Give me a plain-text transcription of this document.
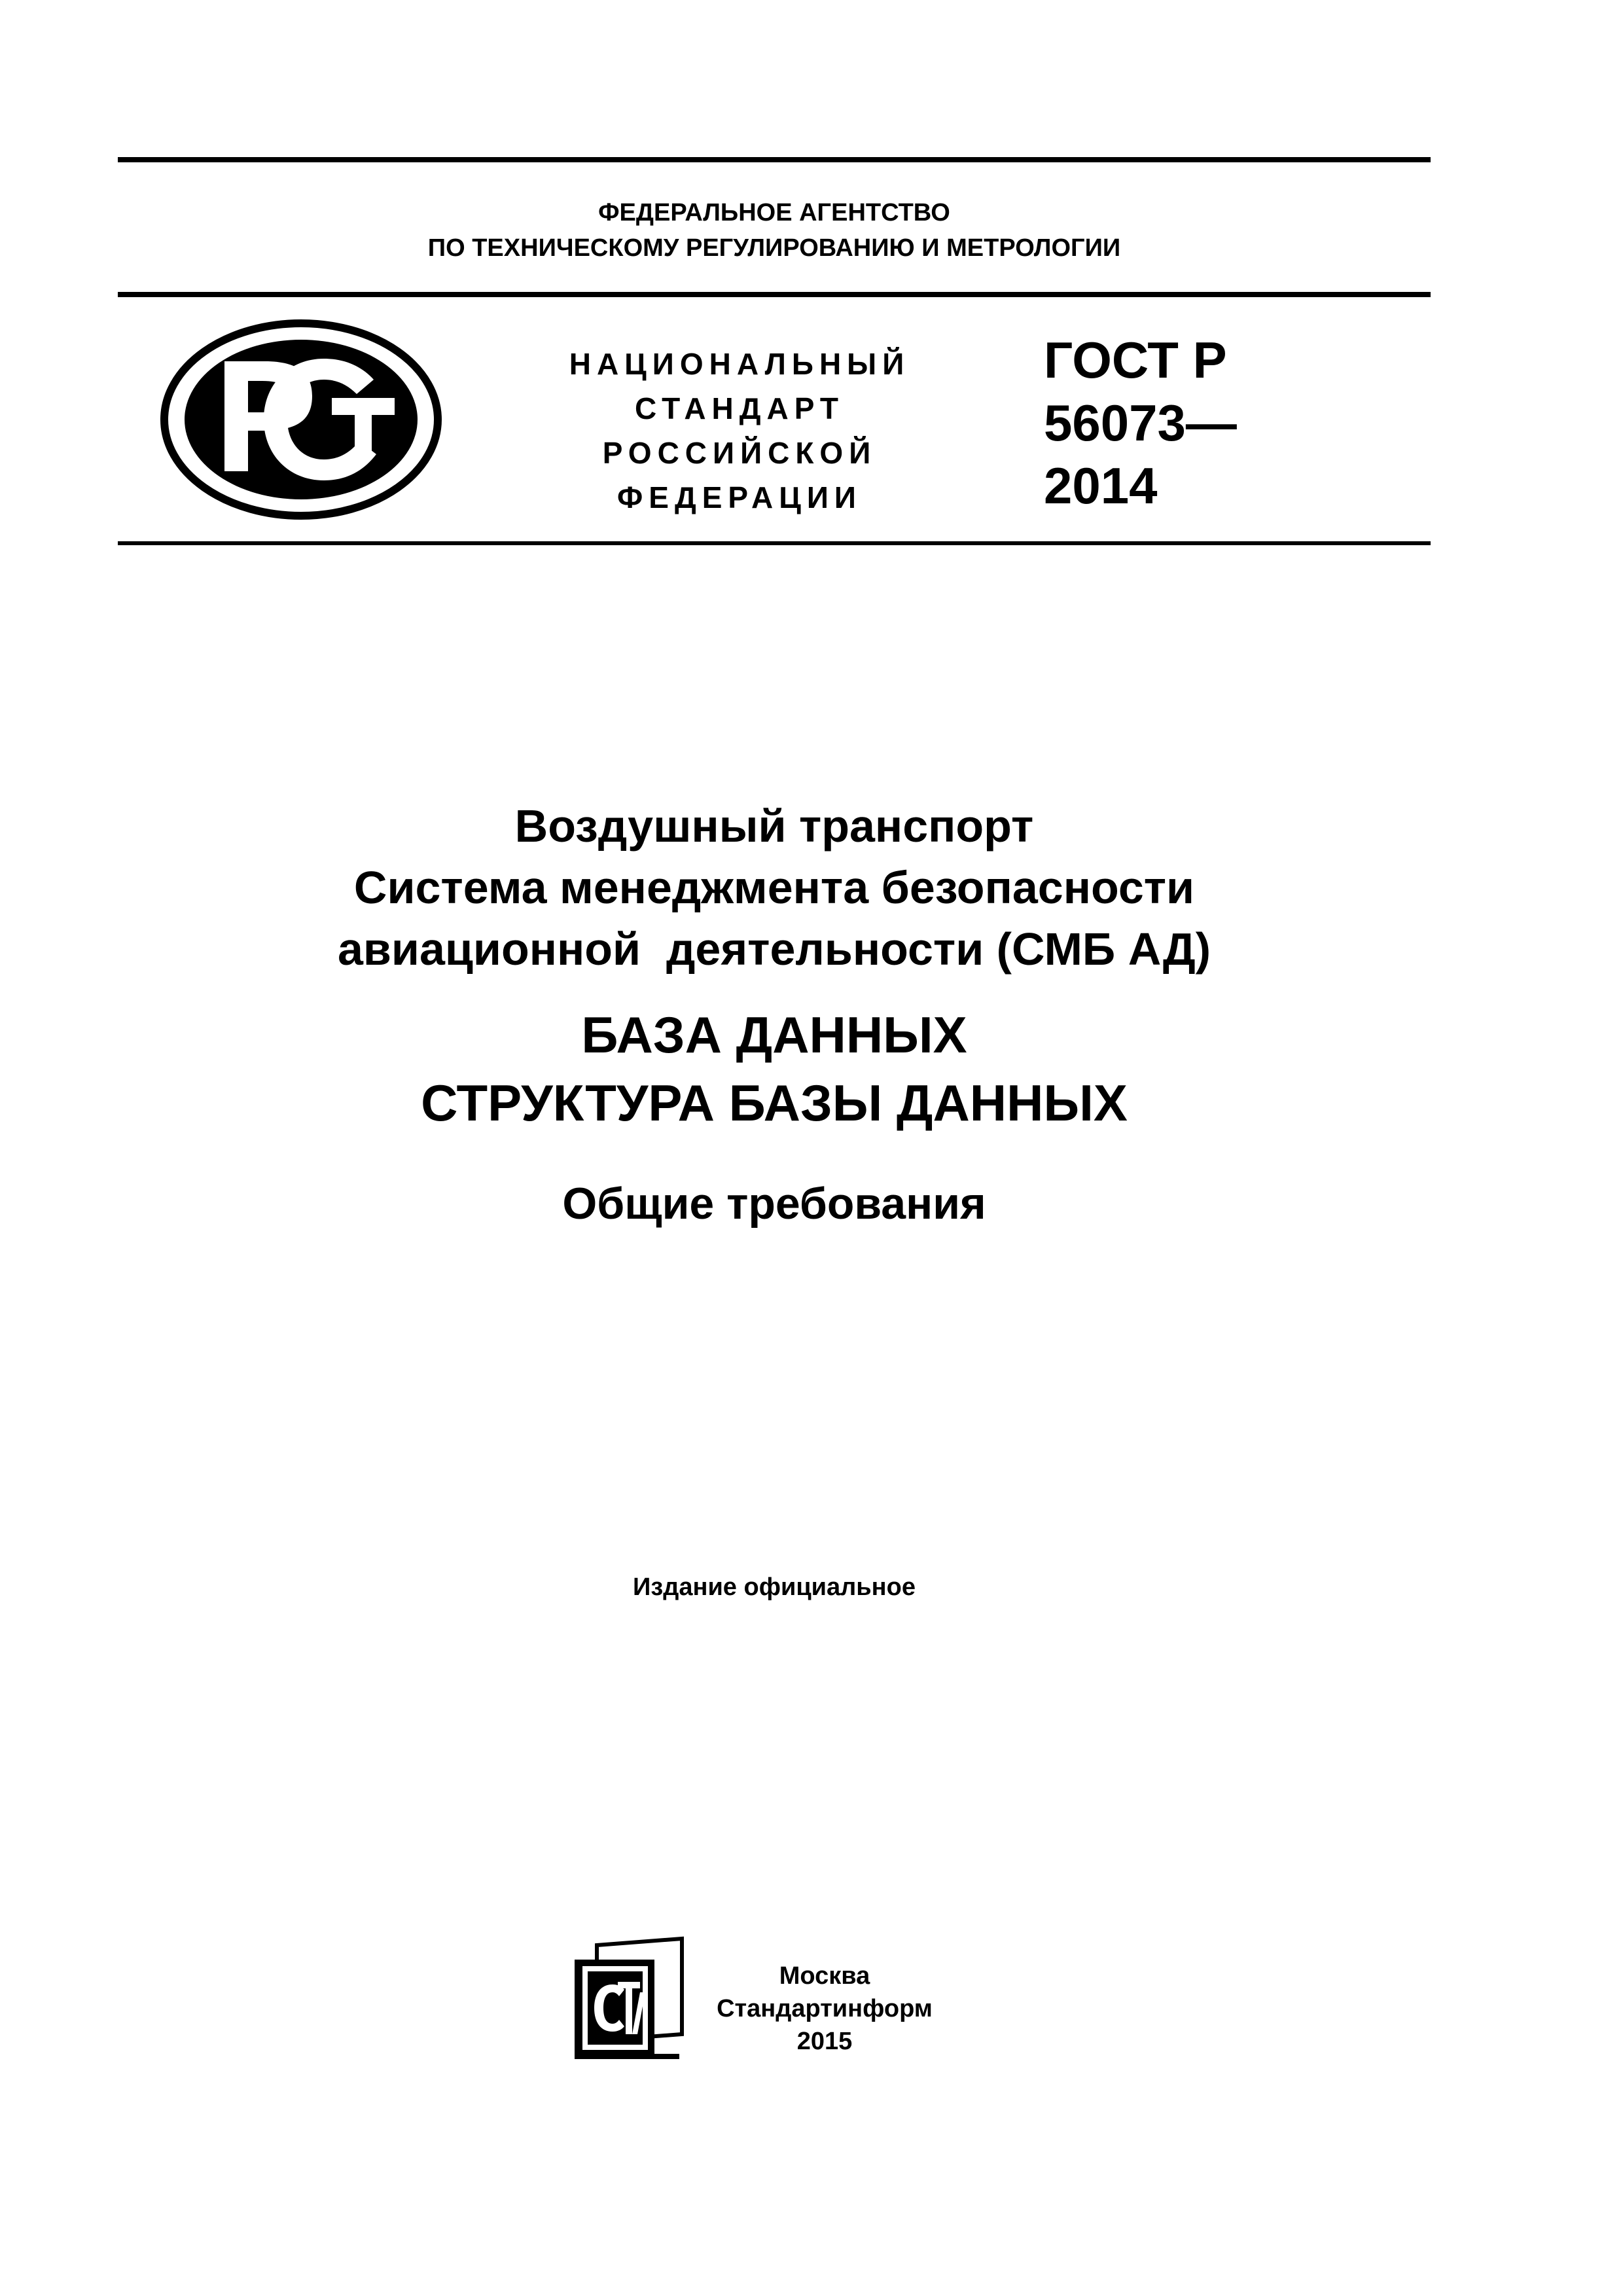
ФЕДЕРАЛЬНОЕ АГЕНТСТВО
ПО ТЕХНИЧЕСКОМУ РЕГУЛИРОВАНИЮ И МЕТРОЛОГИИ
НАЦИОНАЛЬНЫЙ
СТАНДАРТ
РОССИЙСКОЙ
ФЕДЕРАЦИИ
ГОСТ Р
56073—
2014
Воздушный транспорт
Система менеджмента безопасности
авиационной  деятельности (СМБ АД)
БАЗА ДАННЫХ
СТРУКТУРА БАЗЫ ДАННЫХ
Общие требования
Издание официальное
Москва
Стандартинформ
2015
